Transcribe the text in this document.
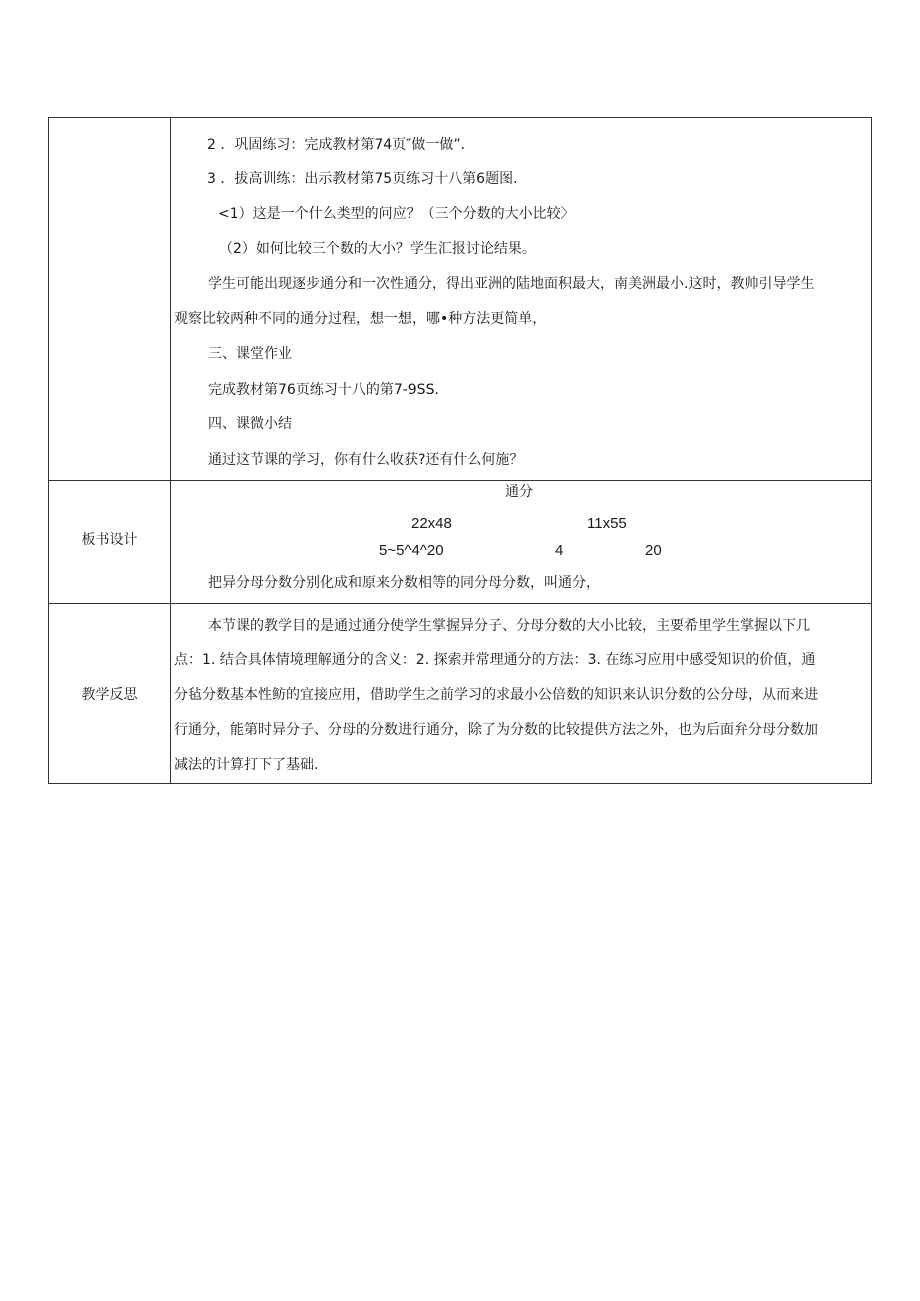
2 ．巩固练习：完成教材第74页″做一做”．
3 ．拔高训练：出示教材第75页练习十八第6题图.
<1）这是一个什么类型的问应？（三个分数的大小比较〉
（2）如何比较三个数的大小？学生汇报讨论结果。
学生可能出现逐步通分和一次性通分，得出亚洲的陆地面积最大，南美洲最小.这时，教帅引导学生
观察比较两种不同的通分过程，想一想，哪•种方法更简单，
三、课堂作业
完成教材第76页练习十八的第7-9SS.
四、课微小结
通过这节课的学习，你有什么收获?还有什么何施？
板书设计
通分
22x48	11x55
5~5^4^20	4	20
把异分母分数分别化成和原来分数相等的同分母分数，叫通分，
教学反思
本节课的教学目的是通过通分使学生掌握异分子、分母分数的大小比较，主要希里学生掌握以下几
点：1. 结合具体情境理解通分的含义：2. 探索并常理通分的方法：3. 在练习应用中感受知识的价值，通
分毡分数基本性鲂的宜接应用，借助学生之前学习的求最小公倍数的知识来认识分数的公分母，从而来进
行通分，能第时异分子、分母的分数进行通分，除了为分数的比较提供方法之外，也为后面弁分母分数加
减法的计算打下了基础.
